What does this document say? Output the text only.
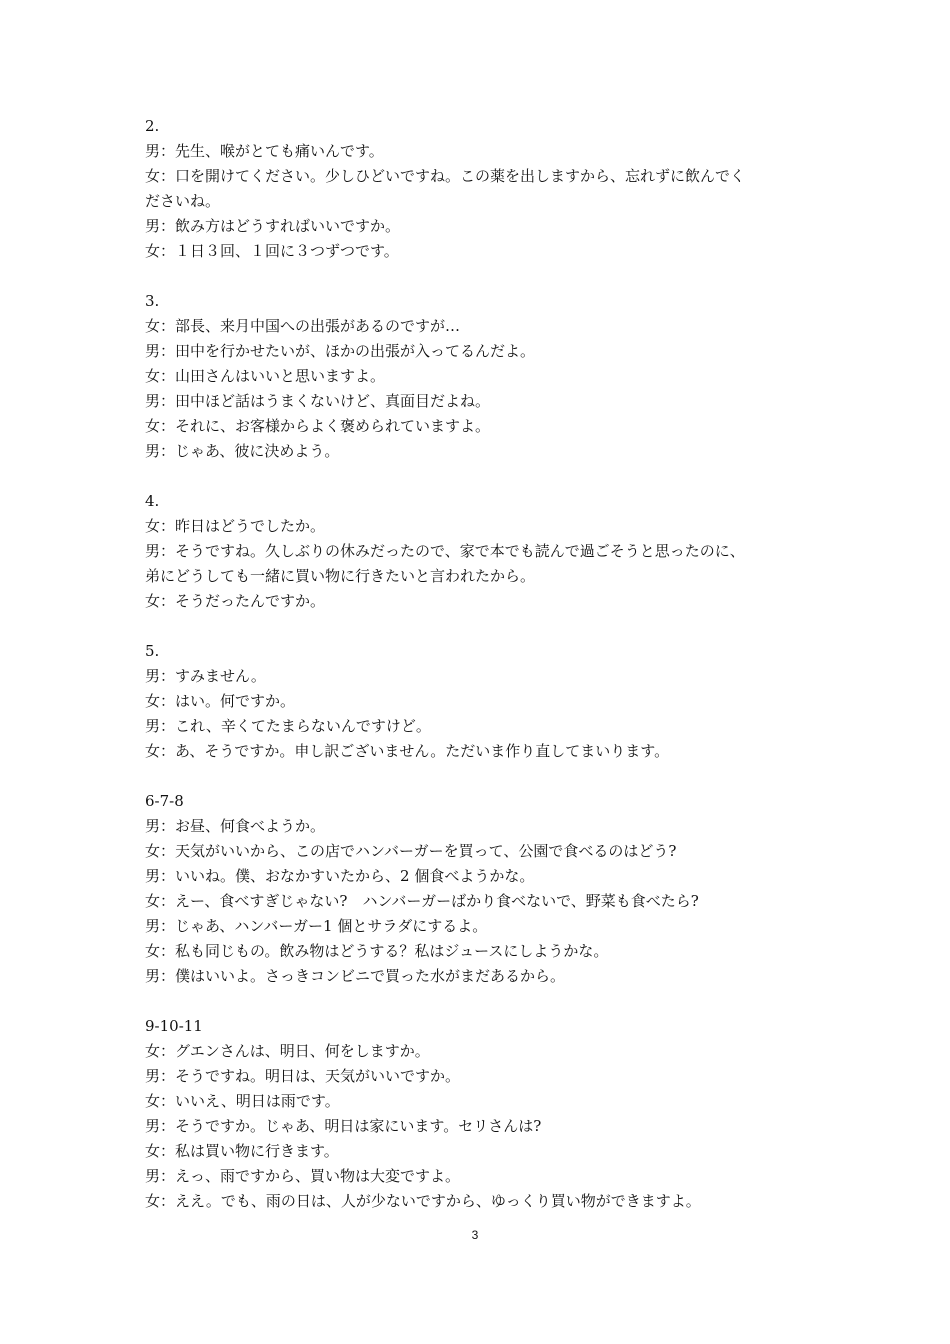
2.
男：先生、喉がとても痛いんです。
女：口を開けてください。少しひどいですね。この薬を出しますから、忘れずに飲んでく
ださいね。
男：飲み方はどうすればいいですか。
女：１日３回、１回に３つずつです。
3.
女：部長、来月中国への出張があるのですが…
男：田中を行かせたいが、ほかの出張が入ってるんだよ。
女：山田さんはいいと思いますよ。
男：田中ほど話はうまくないけど、真面目だよね。
女：それに、お客様からよく褒められていますよ。
男：じゃあ、彼に決めよう。
4.
女：昨日はどうでしたか。
男：そうですね。久しぶりの休みだったので、家で本でも読んで過ごそうと思ったのに、
弟にどうしても一緒に買い物に行きたいと言われたから。
女：そうだったんですか。
5.
男：すみません。
女：はい。何ですか。
男：これ、辛くてたまらないんですけど。
女：あ、そうですか。申し訳ございません。ただいま作り直してまいります。
6-7-8
男：お昼、何食べようか。
女：天気がいいから、この店でハンバーガーを買って、公園で食べるのはどう?
男：いいね。僕、おなかすいたから、2 個食べようかな。
女：えー、食べすぎじゃない?　ハンバーガーばかり食べないで、野菜も食べたら?
男：じゃあ、ハンバーガー1 個とサラダにするよ。
女：私も同じもの。飲み物はどうする？私はジュースにしようかな。
男：僕はいいよ。さっきコンビニで買った水がまだあるから。
9-10-11
女：グエンさんは、明日、何をしますか。
男：そうですね。明日は、天気がいいですか。
女：いいえ、明日は雨です。
男：そうですか。じゃあ、明日は家にいます。セリさんは?
女：私は買い物に行きます。
男：えっ、雨ですから、買い物は大変ですよ。
女：ええ。でも、雨の日は、人が少ないですから、ゆっくり買い物ができますよ。
3
